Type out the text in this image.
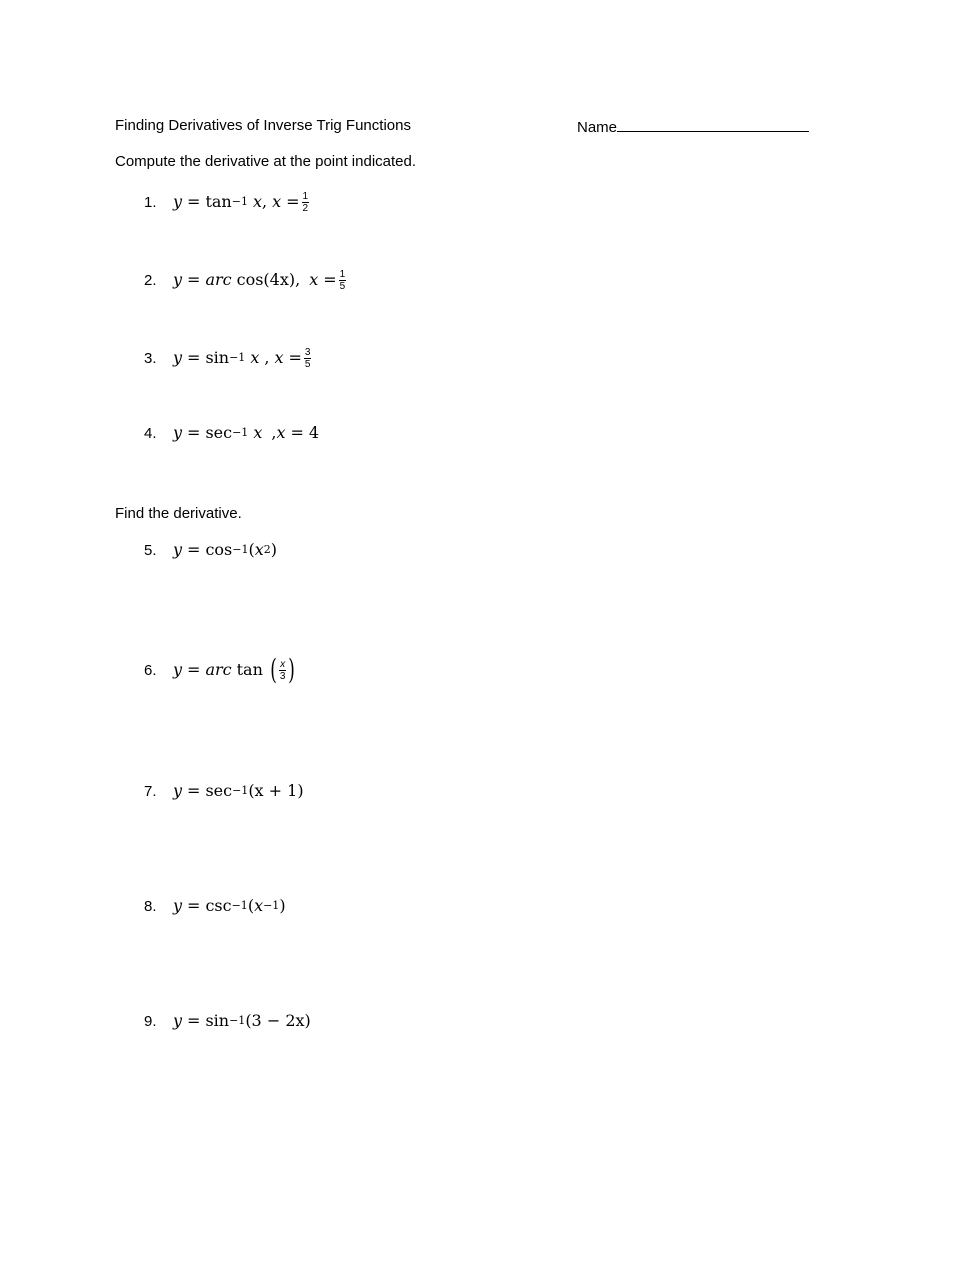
Finding Derivatives of Inverse Trig Functions	Name
Compute the derivative at the point indicated.
1.	y = tan −1 x , $x = \frac{1}{2}$
2.	y = arc cos (4x), $x = \frac{1}{5}$
3.	y = sin −1 x , $x = \frac{3}{5}$
4.	y = sec −1 x , x = 4
Find the derivative.
5.	y = cos −1 ( x 2 )
6.	y = arc tan ( $\frac{x}{3}$ )
7.	y = sec −1 (x + 1)
8.	y = csc −1 ( x −1 )
9.	y = sin −1 (3 − 2x)
